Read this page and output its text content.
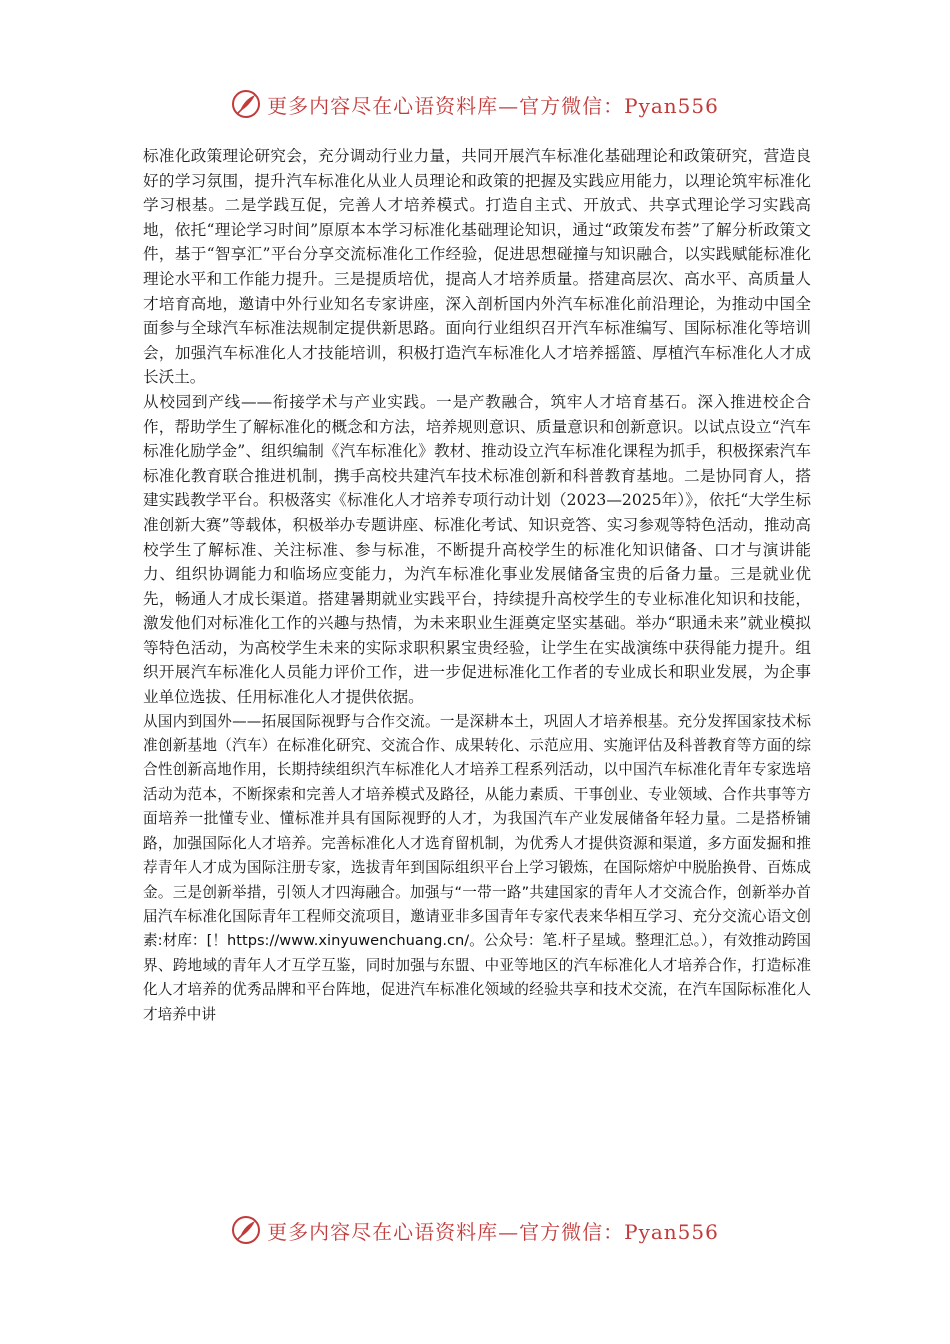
更多内容尽在心语资料库—官方微信：Pyan556

标准化政策理论研究会，充分调动行业力量，共同开展汽车标准化基础理论和政策研究，营造良好的学习氛围，提升汽车标准化从业人员理论和政策的把握及实践应用能力，以理论筑牢标准化学习根基。二是学践互促，完善人才培养模式。打造自主式、开放式、共享式理论学习实践高地，依托“理论学习时间”原原本本学习标准化基础理论知识，通过“政策发布荟”了解分析政策文件，基于“智享汇”平台分享交流标准化工作经验，促进思想碰撞与知识融合，以实践赋能标准化理论水平和工作能力提升。三是提质培优，提高人才培养质量。搭建高层次、高水平、高质量人才培育高地，邀请中外行业知名专家讲座，深入剖析国内外汽车标准化前沿理论，为推动中国全面参与全球汽车标准法规制定提供新思路。面向行业组织召开汽车标准编写、国际标准化等培训会，加强汽车标准化人才技能培训，积极打造汽车标准化人才培养摇篮、厚植汽车标准化人才成长沃土。

从校园到产线——衔接学术与产业实践。一是产教融合，筑牢人才培育基石。深入推进校企合作，帮助学生了解标准化的概念和方法，培养规则意识、质量意识和创新意识。以试点设立“汽车标准化励学金”、组织编制《汽车标准化》教材、推动设立汽车标准化课程为抓手，积极探索汽车标准化教育联合推进机制，携手高校共建汽车技术标准创新和科普教育基地。二是协同育人，搭建实践教学平台。积极落实《标准化人才培养专项行动计划（2023—2025年）》，依托“大学生标准创新大赛”等载体，积极举办专题讲座、标准化考试、知识竞答、实习参观等特色活动，推动高校学生了解标准、关注标准、参与标准，不断提升高校学生的标准化知识储备、口才与演讲能力、组织协调能力和临场应变能力，为汽车标准化事业发展储备宝贵的后备力量。三是就业优先，畅通人才成长渠道。搭建暑期就业实践平台，持续提升高校学生的专业标准化知识和技能，激发他们对标准化工作的兴趣与热情，为未来职业生涯奠定坚实基础。举办“职通未来”就业模拟等特色活动，为高校学生未来的实际求职积累宝贵经验，让学生在实战演练中获得能力提升。组织开展汽车标准化人员能力评价工作，进一步促进标准化工作者的专业成长和职业发展，为企事业单位选拔、任用标准化人才提供依据。

从国内到国外——拓展国际视野与合作交流。一是深耕本土，巩固人才培养根基。充分发挥国家技术标准创新基地（汽车）在标准化研究、交流合作、成果转化、示范应用、实施评估及科普教育等方面的综合性创新高地作用，长期持续组织汽车标准化人才培养工程系列活动，以中国汽车标准化青年专家选培活动为范本，不断探索和完善人才培养模式及路径，从能力素质、干事创业、专业领域、合作共事等方面培养一批懂专业、懂标准并具有国际视野的人才，为我国汽车产业发展储备年轻力量。二是搭桥铺路，加强国际化人才培养。完善标准化人才选育留机制，为优秀人才提供资源和渠道，多方面发掘和推荐青年人才成为国际注册专家，选拔青年到国际组织平台上学习锻炼，在国际熔炉中脱胎换骨、百炼成金。三是创新举措，引领人才四海融合。加强与“一带一路”共建国家的青年人才交流合作，创新举办首届汽车标准化国际青年工程师交流项目，邀请亚非多国青年专家代表来华相互学习、充分交流心语文创素:材库：[！https://www.xinyuwenchuang.cn/。公众号：笔.杆子星域。整理汇总。），有效推动跨国界、跨地域的青年人才互学互鉴，同时加强与东盟、中亚等地区的汽车标准化人才培养合作，打造标准化人才培养的优秀品牌和平台阵地，促进汽车标准化领域的经验共享和技术交流，在汽车国际标准化人才培养中讲

更多内容尽在心语资料库—官方微信：Pyan556
